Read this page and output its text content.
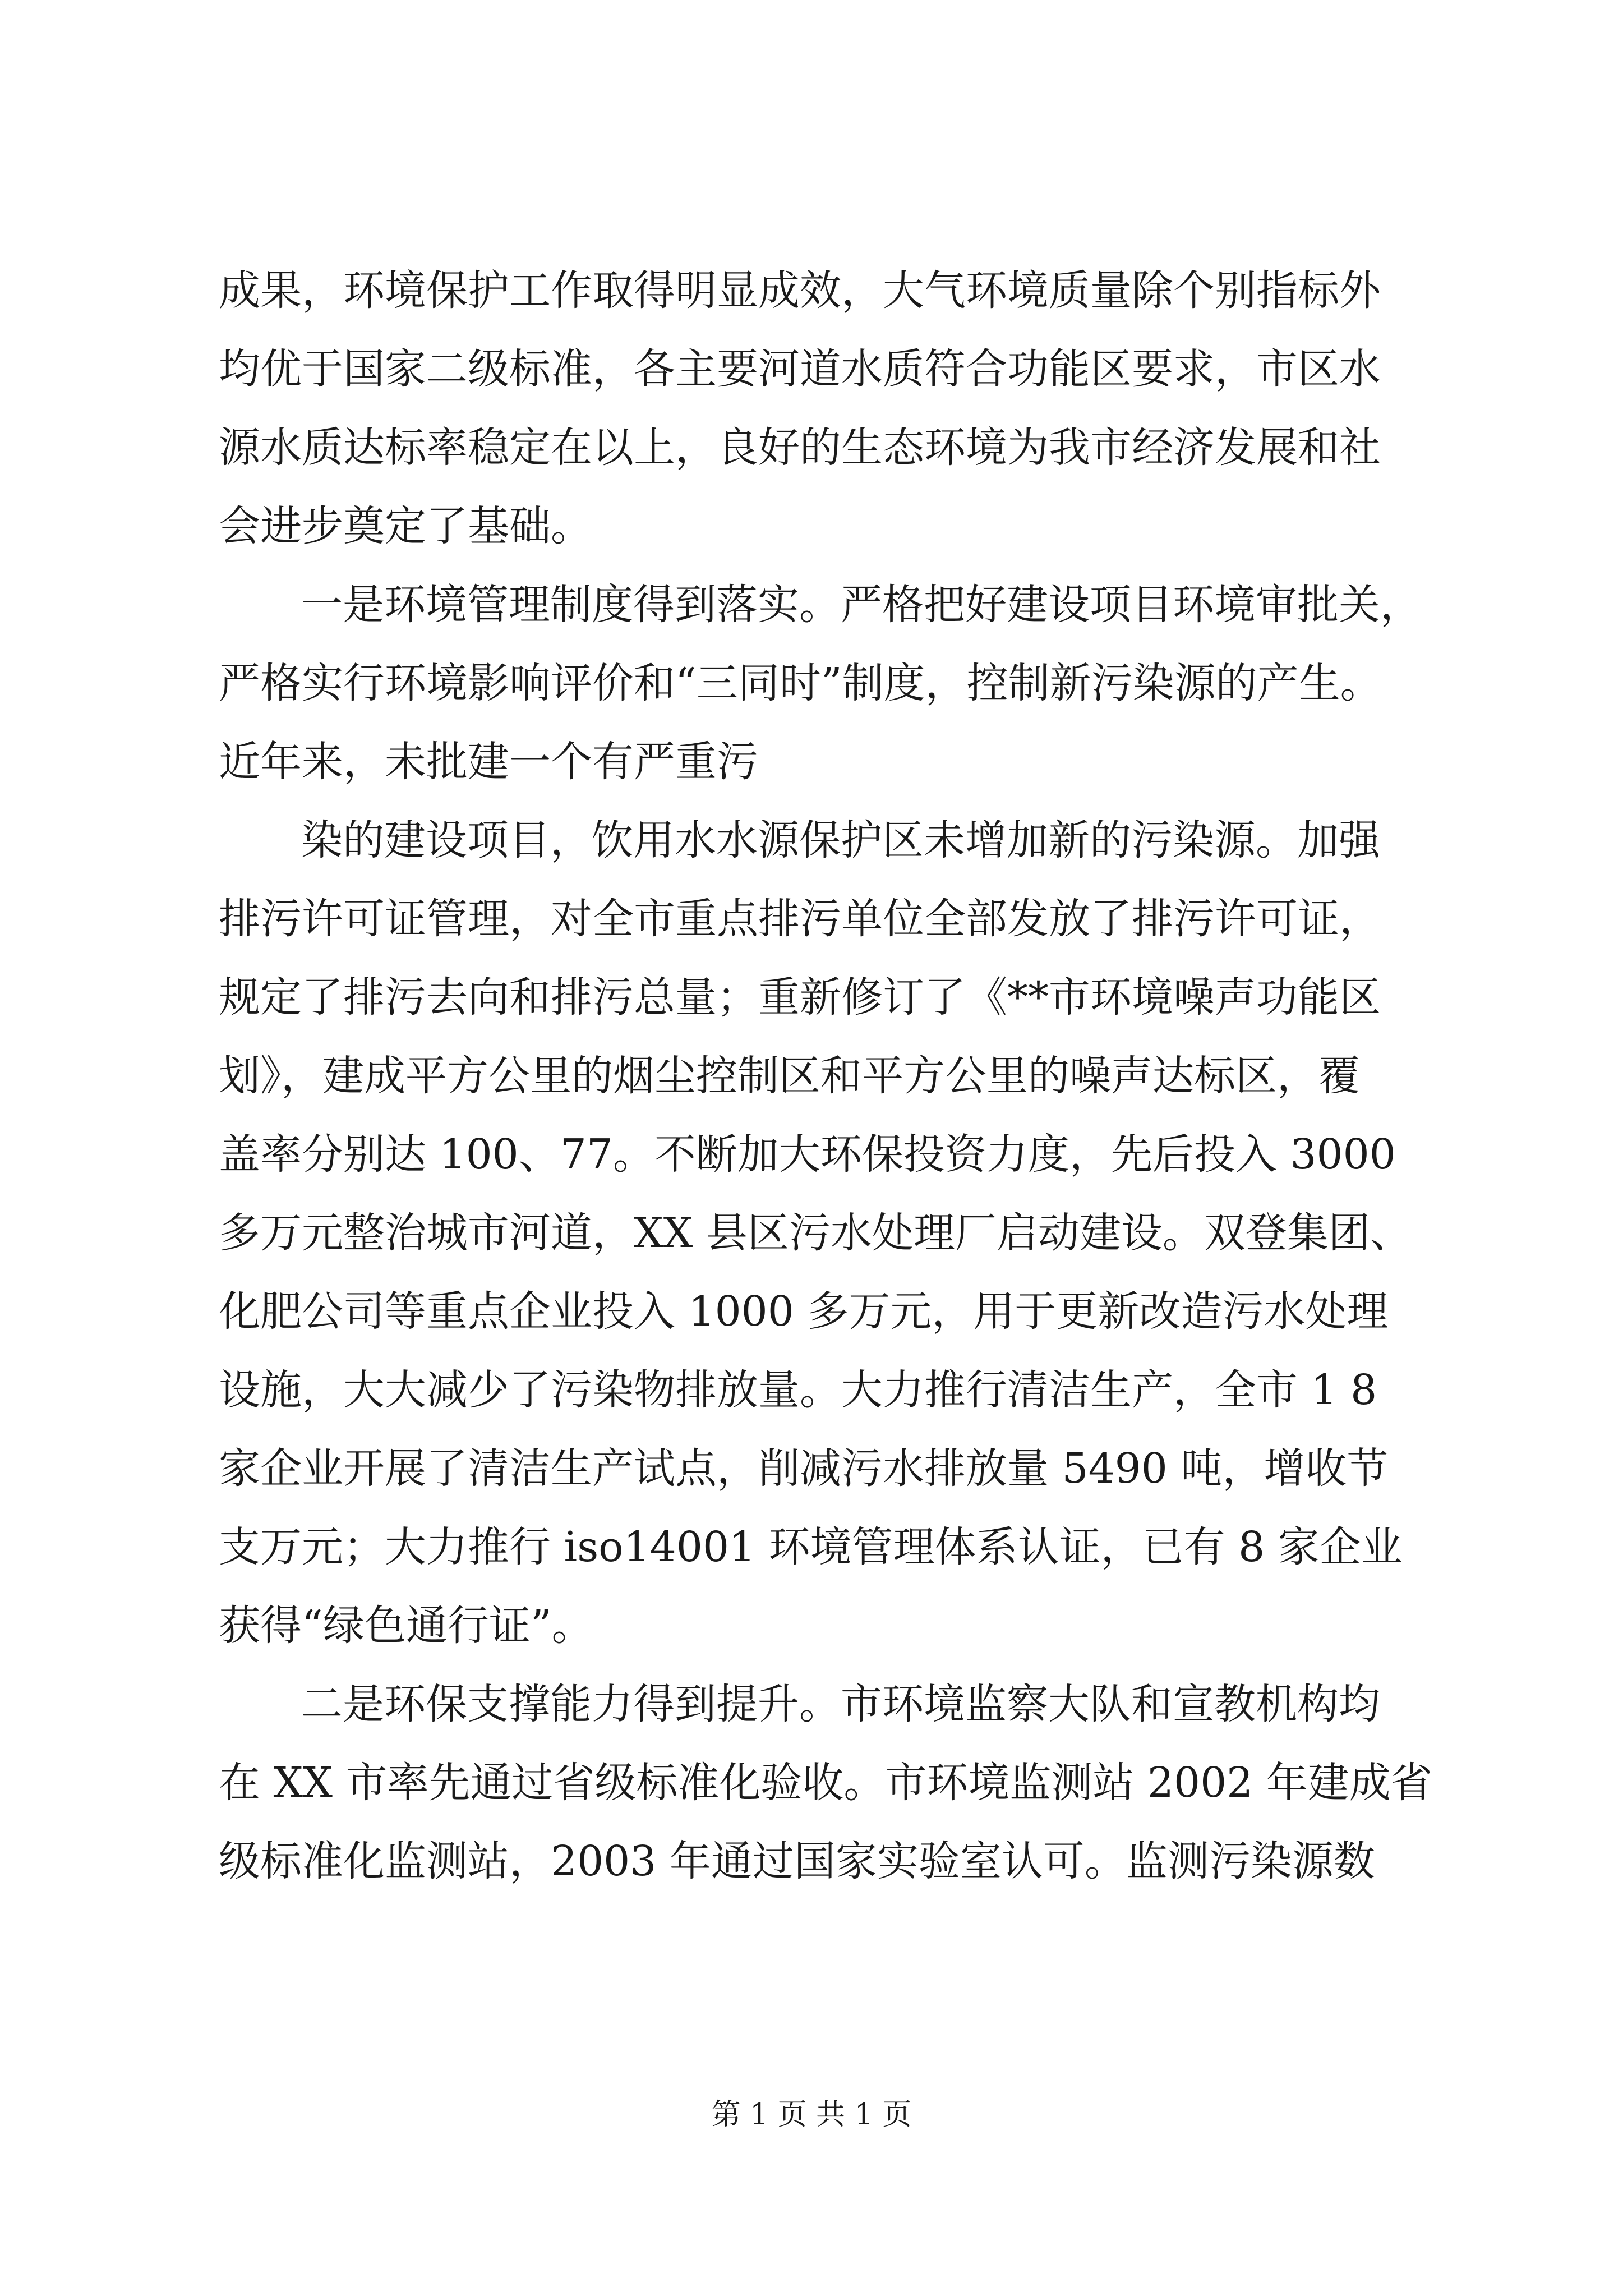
成果，环境保护工作取得明显成效，大气环境质量除个别指标外

均优于国家二级标准，各主要河道水质符合功能区要求，市区水

源水质达标率稳定在以上，良好的生态环境为我市经济发展和社

会进步奠定了基础。

一是环境管理制度得到落实。严格把好建设项目环境审批关，

严格实行环境影响评价和“三同时”制度，控制新污染源的产生。

近年来，未批建一个有严重污

染的建设项目，饮用水水源保护区未增加新的污染源。加强

排污许可证管理，对全市重点排污单位全部发放了排污许可证，

规定了排污去向和排污总量；重新修订了《**市环境噪声功能区

划》，建成平方公里的烟尘控制区和平方公里的噪声达标区，覆

盖率分别达 100、77。不断加大环保投资力度，先后投入 3000

多万元整治城市河道，XX 县区污水处理厂启动建设。双登集团、

化肥公司等重点企业投入 1000 多万元，用于更新改造污水处理

设施，大大减少了污染物排放量。大力推行清洁生产，全市 1 8

家企业开展了清洁生产试点，削减污水排放量 5490 吨，增收节

支万元；大力推行 iso14001 环境管理体系认证，已有 8 家企业

获得“绿色通行证”。

二是环保支撑能力得到提升。市环境监察大队和宣教机构均

在 XX 市率先通过省级标准化验收。市环境监测站 2002 年建成省

级标准化监测站，2003 年通过国家实验室认可。监测污染源数

第 1 页 共 1 页
